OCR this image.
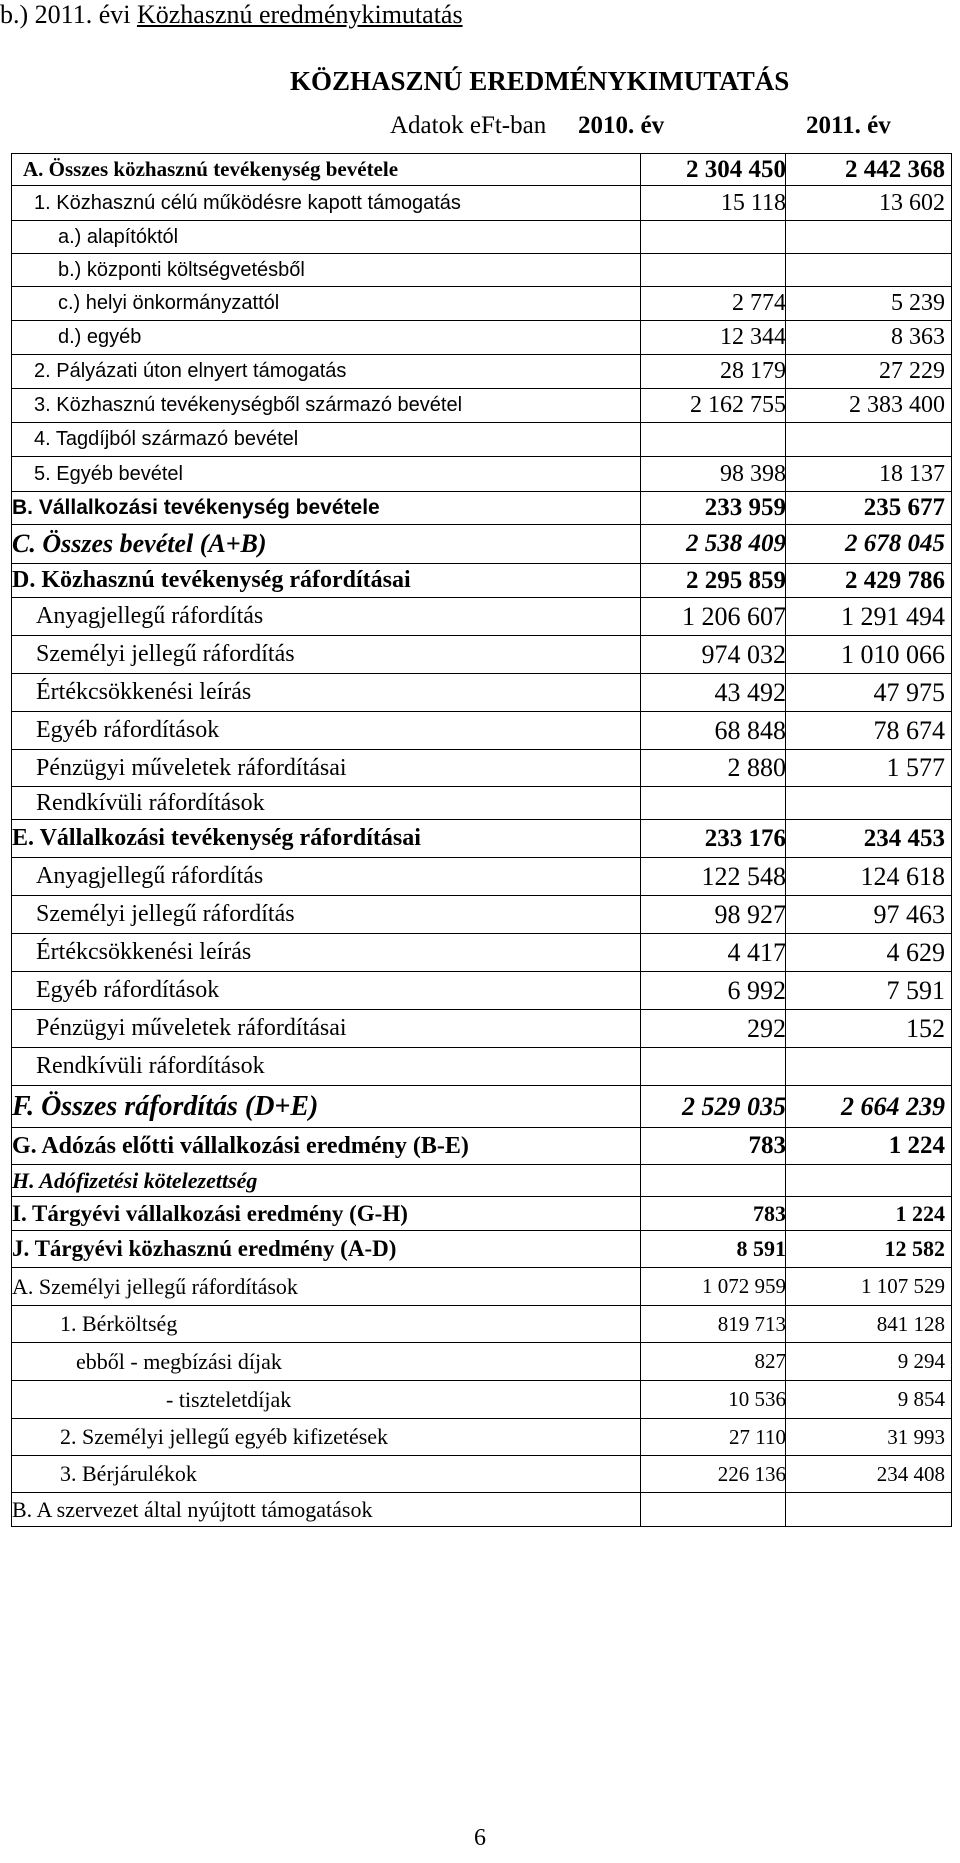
b.) 2011. évi Közhasznú eredménykimutatás
KÖZHASZNÚ EREDMÉNYKIMUTATÁS
Adatok eFt-ban 2010. év	2011. év
A. Összes közhasznú tevékenység bevétele	2 304 450	2 442 368
1. Közhasznú célú működésre kapott támogatás	15 118	13 602
a.) alapítóktól
b.) központi költségvetésből
c.) helyi önkormányzattól	2 774	5 239
d.) egyéb	12 344	8 363
2. Pályázati úton elnyert támogatás	28 179	27 229
3. Közhasznú tevékenységből származó bevétel	2 162 755	2 383 400
4. Tagdíjból származó bevétel
5. Egyéb bevétel	98 398	18 137
B. Vállalkozási tevékenység bevétele	233 959	235 677
C. Összes bevétel (A+B)	2 538 409	2 678 045
D. Közhasznú tevékenység ráfordításai	2 295 859	2 429 786
Anyagjellegű ráfordítás	1 206 607	1 291 494
Személyi jellegű ráfordítás	974 032	1 010 066
Értékcsökkenési leírás	43 492	47 975
Egyéb ráfordítások	68 848	78 674
Pénzügyi műveletek ráfordításai	2 880	1 577
Rendkívüli ráfordítások
E. Vállalkozási tevékenység ráfordításai	233 176	234 453
Anyagjellegű ráfordítás	122 548	124 618
Személyi jellegű ráfordítás	98 927	97 463
Értékcsökkenési leírás	4 417	4 629
Egyéb ráfordítások	6 992	7 591
Pénzügyi műveletek ráfordításai	292	152
Rendkívüli ráfordítások
F. Összes ráfordítás (D+E)	2 529 035	2 664 239
G. Adózás előtti vállalkozási eredmény (B-E)	783	1 224
H. Adófizetési kötelezettség
I. Tárgyévi vállalkozási eredmény (G-H)	783	1 224
J. Tárgyévi közhasznú eredmény (A-D)	8 591	12 582
A. Személyi jellegű ráfordítások	1 072 959	1 107 529
1. Bérköltség	819 713	841 128
ebből - megbízási díjak	827	9 294
- tiszteletdíjak	10 536	9 854
2. Személyi jellegű egyéb kifizetések	27 110	31 993
3. Bérjárulékok	226 136	234 408
B. A szervezet által nyújtott támogatások
6
